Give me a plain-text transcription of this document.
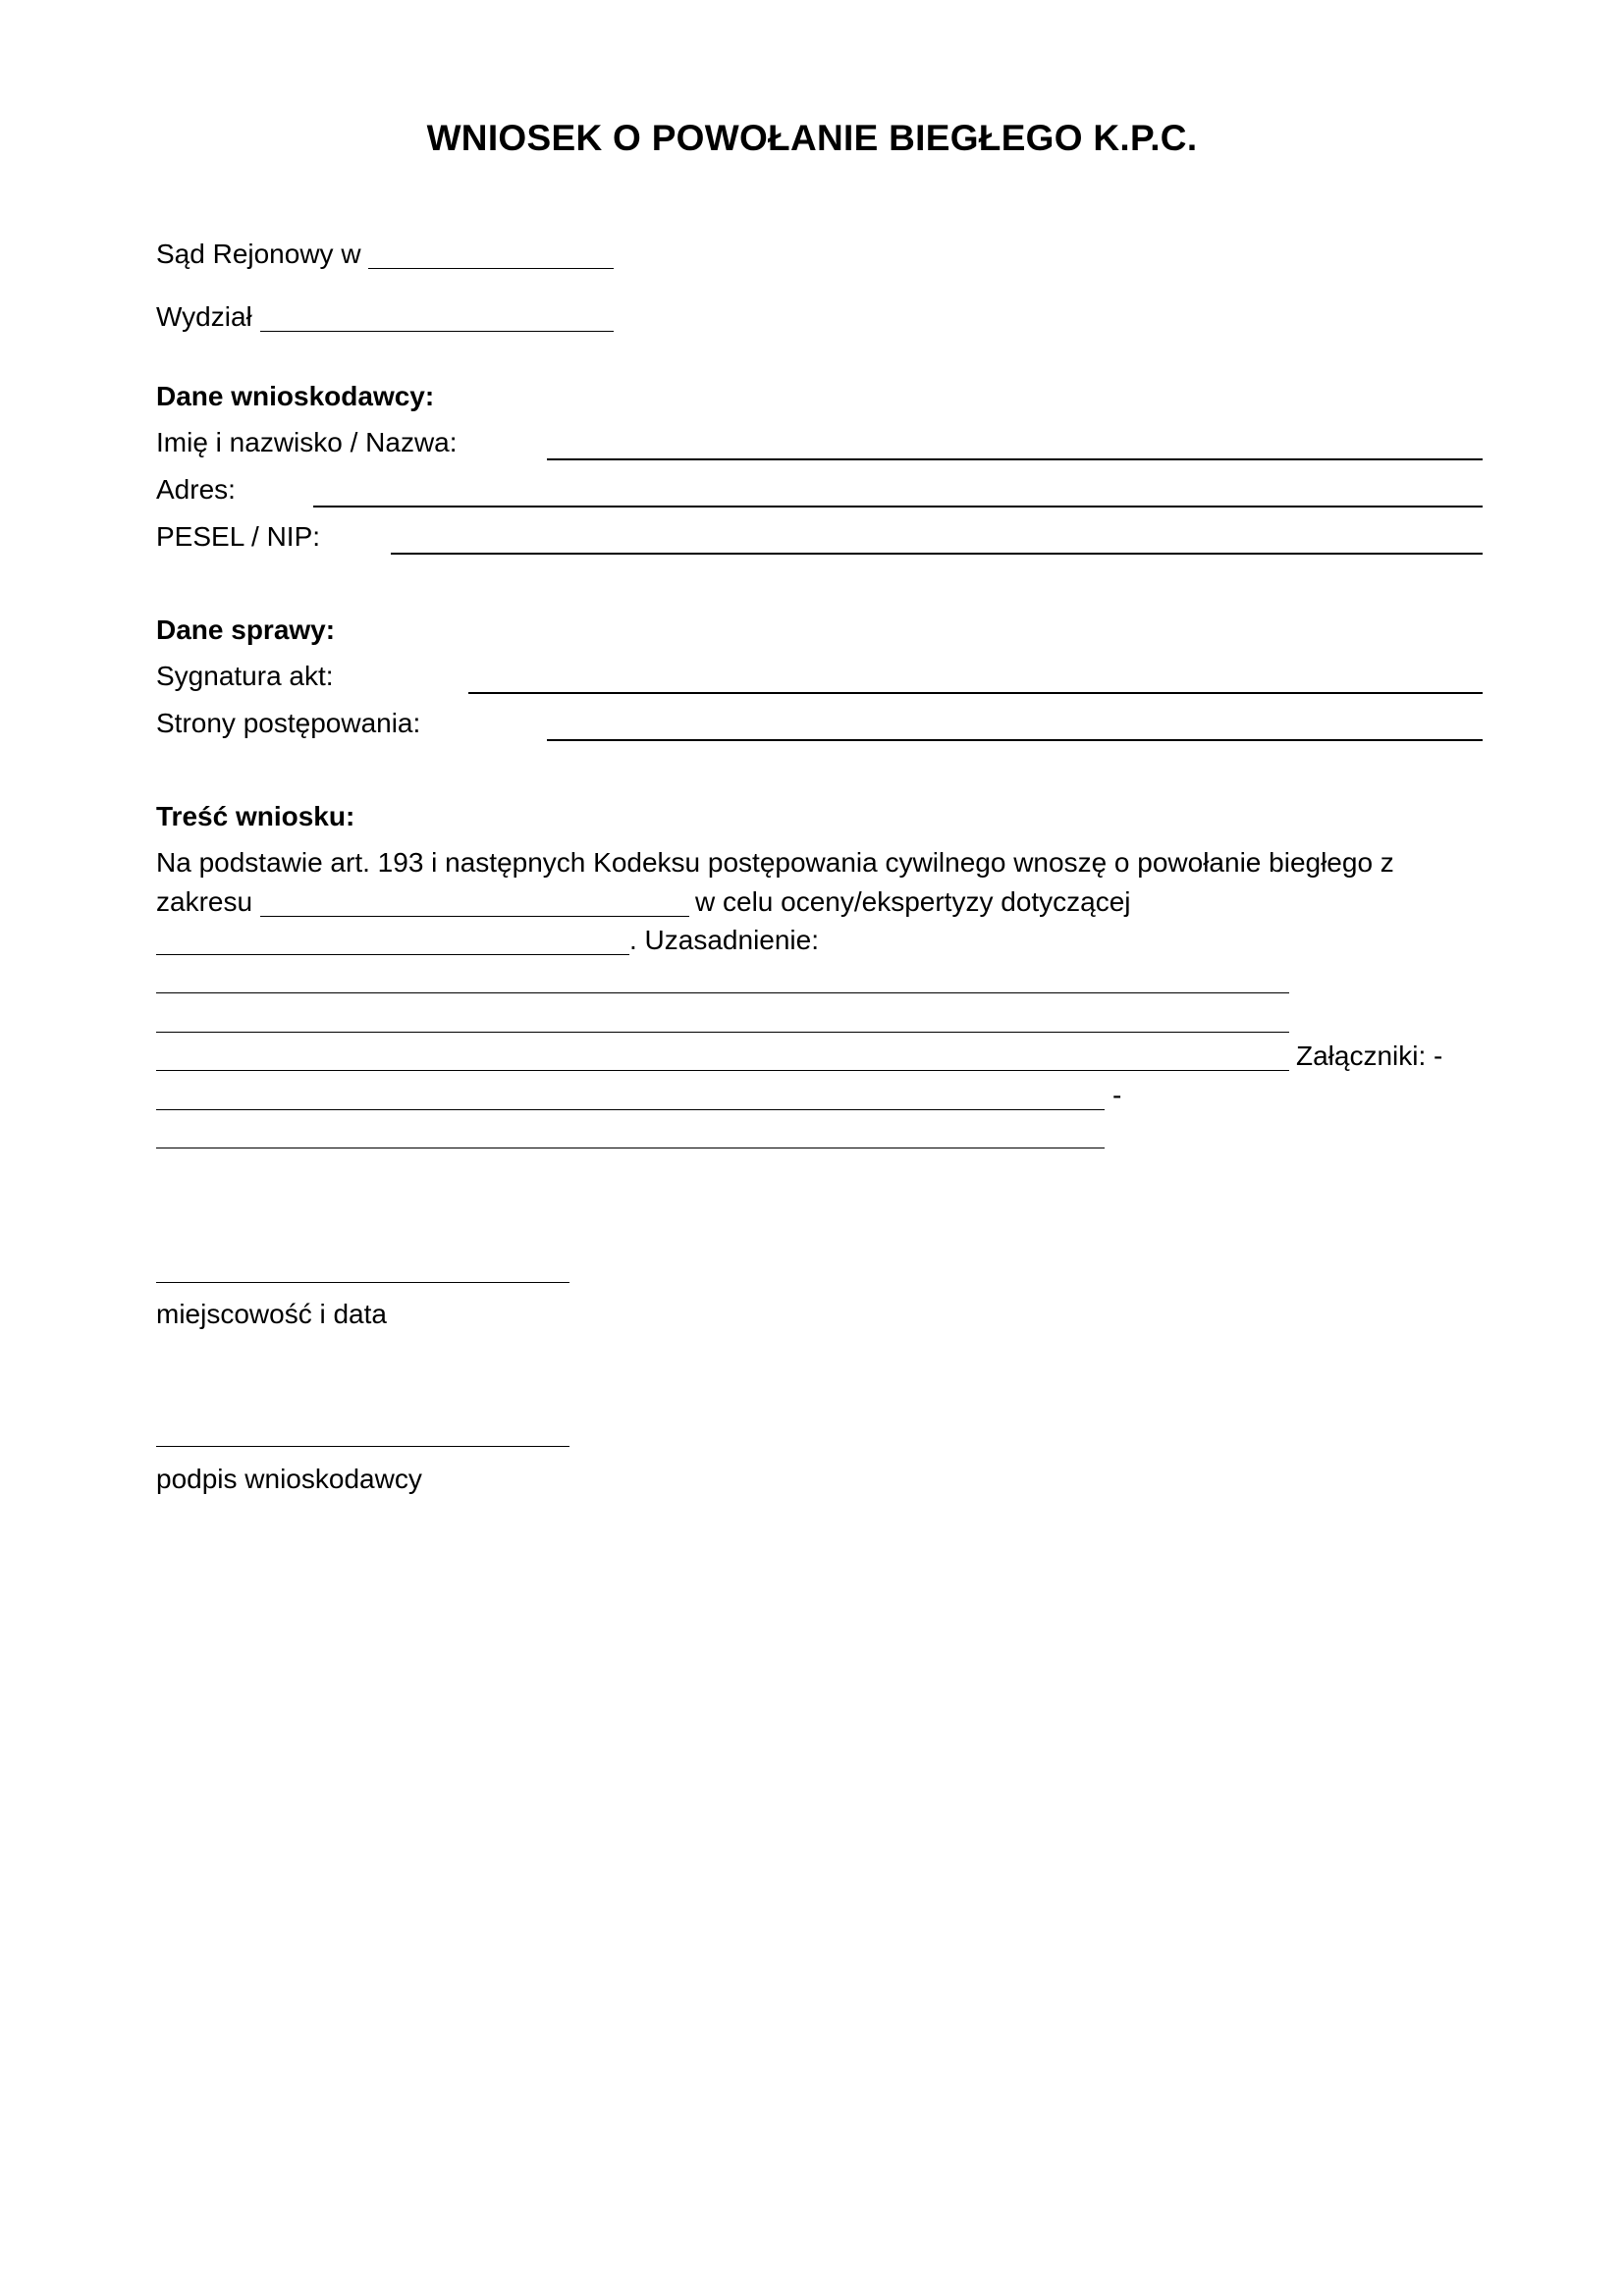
WNIOSEK O POWOŁANIE BIEGŁEGO K.P.C.
Sąd Rejonowy w
Wydział
Dane wnioskodawcy:
Imię i nazwisko / Nazwa:
Adres:
PESEL / NIP:
Dane sprawy:
Sygnatura akt:
Strony postępowania:
Treść wniosku:
Na podstawie art. 193 i następnych Kodeksu postępowania cywilnego wnoszę o powołanie biegłego z
zakresu	w celu oceny/ekspertyzy dotyczącej
. Uzasadnienie:
Załączniki: -
-
miejscowość i data
podpis wnioskodawcy
